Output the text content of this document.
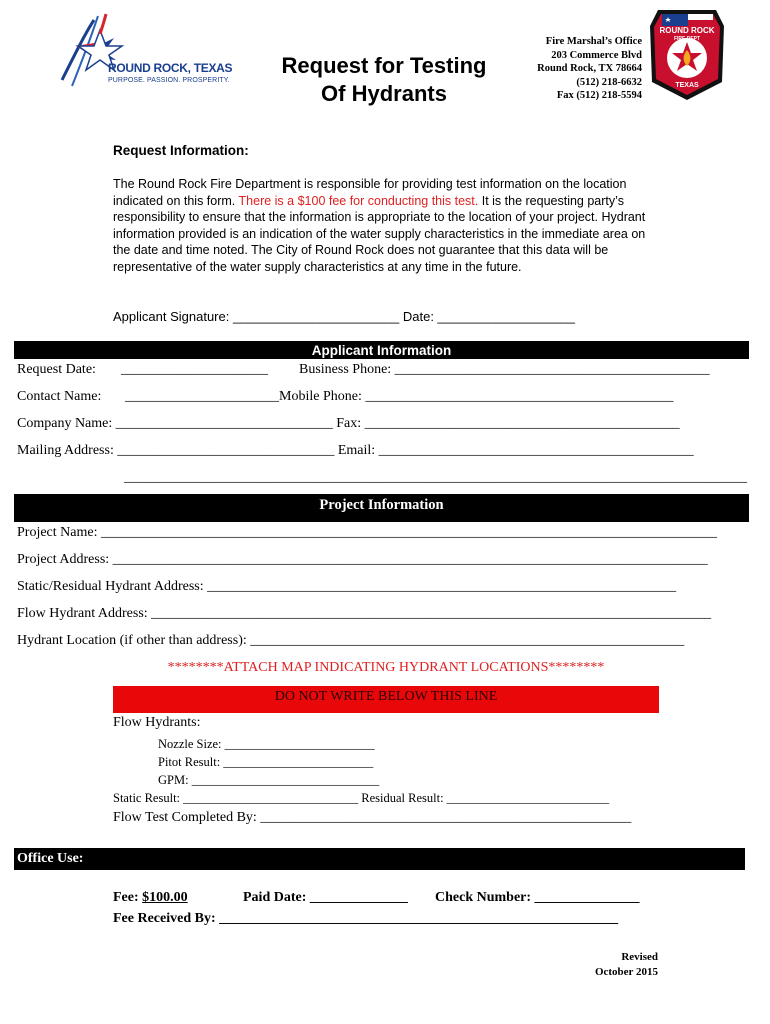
ROUND ROCK, TEXAS
PURPOSE. PASSION. PROSPERITY.
Request for Testing
Of Hydrants
Fire Marshal’s Office
203 Commerce Blvd
Round Rock, TX 78664
(512) 218-6632
Fax (512) 218-5594
ROUND ROCK
FIRE DEPT
TEXAS
Request Information:
The Round Rock Fire Department is responsible for providing test information on the location indicated on this form. There is a $100 fee for conducting this test. It is the requesting party’s responsibility to ensure that the information is appropriate to the location of your project. Hydrant information provided is an indication of the water supply characteristics in the immediate area on the date and time noted. The City of Round Rock does not guarantee that this data will be representative of the water supply characteristics at any time in the future.
Applicant Signature: _______________________ Date: ___________________
Applicant Information
Request Date: _____________________ Business Phone: _____________________________________________
Contact Name: ______________________Mobile Phone: ____________________________________________
Company Name: _______________________________ Fax: _____________________________________________
Mailing Address: _______________________________ Email: _____________________________________________
_________________________________________________________________________________________
Project Information
Project Name: ________________________________________________________________________________________
Project Address: _____________________________________________________________________________________
Static/Residual Hydrant Address: ___________________________________________________________________
Flow Hydrant Address: ________________________________________________________________________________
Hydrant Location (if other than address): ______________________________________________________________
********ATTACH MAP INDICATING HYDRANT LOCATIONS********
DO NOT WRITE BELOW THIS LINE
Flow Hydrants:
Nozzle Size: ________________________
Pitot Result: ________________________
GPM: ______________________________
Static Result: ____________________________ Residual Result: __________________________
Flow Test Completed By: _____________________________________________________
Office Use:
Fee: $100.00	Paid Date: ______________ Check Number: _______________
Fee Received By: _________________________________________________________
Revised
October 2015
